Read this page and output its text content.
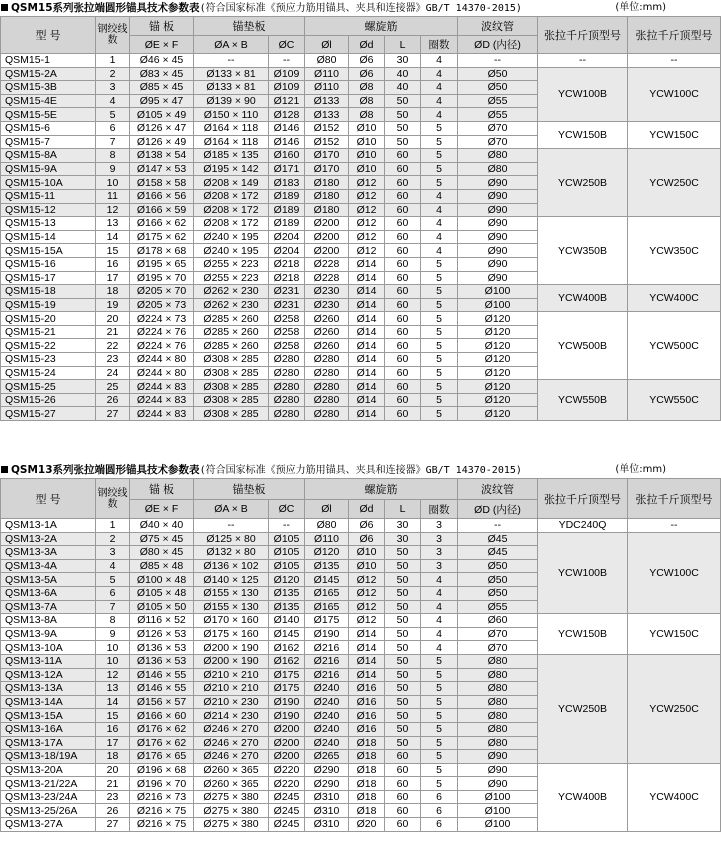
QSM15系列张拉端圆形锚具技术参数表(符合国家标准《预应力筋用锚具、夹具和连接器》GB/T 14370-2015)	(单位:mm)
型 号	钢绞线数	锚 板	锚垫板		螺旋筋				波纹管	张拉千斤顶型号	张拉千斤顶型号
		ØE × F	ØA × B	ØC	Øl	Ød	L	圈数	ØD (内径)		
QSM15-1	1	Ø46 × 45	--	--	Ø80	Ø6	30	4	--	--	--
QSM15-2A	2	Ø83 × 45	Ø133 × 81	Ø109	Ø110	Ø6	40	4	Ø50	YCW100B	YCW100C
QSM15-3B	3	Ø85 × 45	Ø133 × 81	Ø109	Ø110	Ø8	40	4	Ø50		
QSM15-4E	4	Ø95 × 47	Ø139 × 90	Ø121	Ø133	Ø8	50	4	Ø55		
QSM15-5E	5	Ø105 × 49	Ø150 × 110	Ø128	Ø133	Ø8	50	4	Ø55		
QSM15-6	6	Ø126 × 47	Ø164 × 118	Ø146	Ø152	Ø10	50	5	Ø70	YCW150B	YCW150C
QSM15-7	7	Ø126 × 49	Ø164 × 118	Ø146	Ø152	Ø10	50	5	Ø70		
QSM15-8A	8	Ø138 × 54	Ø185 × 135	Ø160	Ø170	Ø10	60	5	Ø80	YCW250B	YCW250C
QSM15-9A	9	Ø147 × 53	Ø195 × 142	Ø171	Ø170	Ø10	60	5	Ø80		
QSM15-10A	10	Ø158 × 58	Ø208 × 149	Ø183	Ø180	Ø12	60	5	Ø90		
QSM15-11	11	Ø166 × 56	Ø208 × 172	Ø189	Ø180	Ø12	60	4	Ø90		
QSM15-12	12	Ø166 × 59	Ø208 × 172	Ø189	Ø180	Ø12	60	4	Ø90		
QSM15-13	13	Ø166 × 62	Ø208 × 172	Ø189	Ø200	Ø12	60	4	Ø90	YCW350B	YCW350C
QSM15-14	14	Ø175 × 62	Ø240 × 195	Ø204	Ø200	Ø12	60	4	Ø90		
QSM15-15A	15	Ø178 × 68	Ø240 × 195	Ø204	Ø200	Ø12	60	4	Ø90		
QSM15-16	16	Ø195 × 65	Ø255 × 223	Ø218	Ø228	Ø14	60	5	Ø90		
QSM15-17	17	Ø195 × 70	Ø255 × 223	Ø218	Ø228	Ø14	60	5	Ø90		
QSM15-18	18	Ø205 × 70	Ø262 × 230	Ø231	Ø230	Ø14	60	5	Ø100	YCW400B	YCW400C
QSM15-19	19	Ø205 × 73	Ø262 × 230	Ø231	Ø230	Ø14	60	5	Ø100		
QSM15-20	20	Ø224 × 73	Ø285 × 260	Ø258	Ø260	Ø14	60	5	Ø120	YCW500B	YCW500C
QSM15-21	21	Ø224 × 76	Ø285 × 260	Ø258	Ø260	Ø14	60	5	Ø120		
QSM15-22	22	Ø224 × 76	Ø285 × 260	Ø258	Ø260	Ø14	60	5	Ø120		
QSM15-23	23	Ø244 × 80	Ø308 × 285	Ø280	Ø280	Ø14	60	5	Ø120		
QSM15-24	24	Ø244 × 80	Ø308 × 285	Ø280	Ø280	Ø14	60	5	Ø120		
QSM15-25	25	Ø244 × 83	Ø308 × 285	Ø280	Ø280	Ø14	60	5	Ø120	YCW550B	YCW550C
QSM15-26	26	Ø244 × 83	Ø308 × 285	Ø280	Ø280	Ø14	60	5	Ø120		
QSM15-27	27	Ø244 × 83	Ø308 × 285	Ø280	Ø280	Ø14	60	5	Ø120		
QSM13系列张拉端圆形锚具技术参数表(符合国家标准《预应力筋用锚具、夹具和连接器》GB/T 14370-2015)	(单位:mm)
型 号	钢绞线数	锚 板	锚垫板		螺旋筋				波纹管	张拉千斤顶型号	张拉千斤顶型号
		ØE × F	ØA × B	ØC	Øl	Ød	L	圈数	ØD (内径)		
QSM13-1A	1	Ø40 × 40	--	--	Ø80	Ø6	30	3	--	YDC240Q	--
QSM13-2A	2	Ø75 × 45	Ø125 × 80	Ø105	Ø110	Ø6	30	3	Ø45	YCW100B	YCW100C
QSM13-3A	3	Ø80 × 45	Ø132 × 80	Ø105	Ø120	Ø10	50	3	Ø45		
QSM13-4A	4	Ø85 × 48	Ø136 × 102	Ø105	Ø135	Ø10	50	3	Ø50		
QSM13-5A	5	Ø100 × 48	Ø140 × 125	Ø120	Ø145	Ø12	50	4	Ø50		
QSM13-6A	6	Ø105 × 48	Ø155 × 130	Ø135	Ø165	Ø12	50	4	Ø50		
QSM13-7A	7	Ø105 × 50	Ø155 × 130	Ø135	Ø165	Ø12	50	4	Ø55		
QSM13-8A	8	Ø116 × 52	Ø170 × 160	Ø140	Ø175	Ø12	50	4	Ø60	YCW150B	YCW150C
QSM13-9A	9	Ø126 × 53	Ø175 × 160	Ø145	Ø190	Ø14	50	4	Ø70		
QSM13-10A	10	Ø136 × 53	Ø200 × 190	Ø162	Ø216	Ø14	50	4	Ø70		
QSM13-11A	10	Ø136 × 53	Ø200 × 190	Ø162	Ø216	Ø14	50	5	Ø80	YCW250B	YCW250C
QSM13-12A	12	Ø146 × 55	Ø210 × 210	Ø175	Ø216	Ø14	50	5	Ø80		
QSM13-13A	13	Ø146 × 55	Ø210 × 210	Ø175	Ø240	Ø16	50	5	Ø80		
QSM13-14A	14	Ø156 × 57	Ø210 × 230	Ø190	Ø240	Ø16	50	5	Ø80		
QSM13-15A	15	Ø166 × 60	Ø214 × 230	Ø190	Ø240	Ø16	50	5	Ø80		
QSM13-16A	16	Ø176 × 62	Ø246 × 270	Ø200	Ø240	Ø16	50	5	Ø80		
QSM13-17A	17	Ø176 × 62	Ø246 × 270	Ø200	Ø240	Ø18	50	5	Ø80		
QSM13-18/19A	18	Ø176 × 65	Ø246 × 270	Ø200	Ø265	Ø18	60	5	Ø90		
QSM13-20A	20	Ø196 × 68	Ø260 × 365	Ø220	Ø290	Ø18	60	5	Ø90	YCW400B	YCW400C
QSM13-21/22A	21	Ø196 × 70	Ø260 × 365	Ø220	Ø290	Ø18	60	5	Ø90		
QSM13-23/24A	23	Ø216 × 73	Ø275 × 380	Ø245	Ø310	Ø18	60	6	Ø100		
QSM13-25/26A	26	Ø216 × 75	Ø275 × 380	Ø245	Ø310	Ø18	60	6	Ø100		
QSM13-27A	27	Ø216 × 75	Ø275 × 380	Ø245	Ø310	Ø20	60	6	Ø100		
